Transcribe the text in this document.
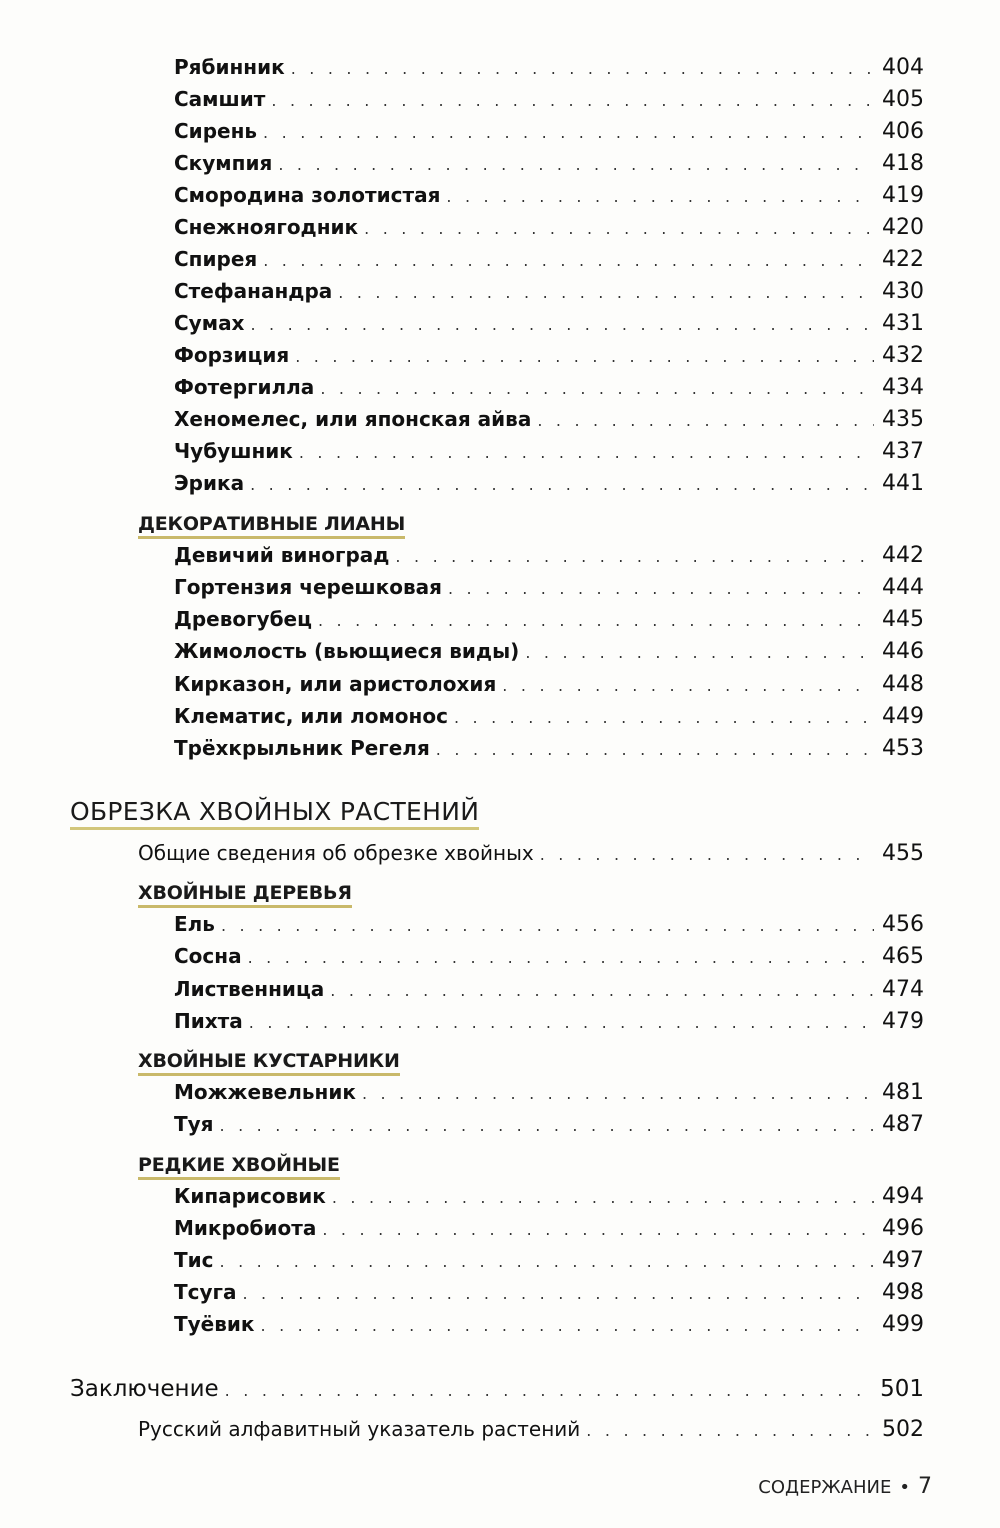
Рябинник . . .	404
Самшит . . .	405
Сирень . . .	406
Скумпия . . .	418
Смородина золотистая . . .	419
Снежноягодник . . .	420
Спирея . . .	422
Стефанандра . . .	430
Сумах . . .	431
Форзиция . . .	432
Фотергилла . . .	434
Хеномелес, или японская айва . . .	435
Чубушник . . .	437
Эрика . . .	441
ДЕКОРАТИВНЫЕ ЛИАНЫ
Девичий виноград . . .	442
Гортензия черешковая . . .	444
Древогубец . . .	445
Жимолость (вьющиеся виды) . . .	446
Кирказон, или аристолохия . . .	448
Клематис, или ломонос . . .	449
Трёхкрыльник Регеля . . .	453
ОБРЕЗКА ХВОЙНЫХ РАСТЕНИЙ
Общие сведения об обрезке хвойных . . .	455
ХВОЙНЫЕ ДЕРЕВЬЯ
Ель . . .	456
Сосна . . .	465
Лиственница . . .	474
Пихта . . .	479
ХВОЙНЫЕ КУСТАРНИКИ
Можжевельник . . .	481
Туя . . .	487
РЕДКИЕ ХВОЙНЫЕ
Кипарисовик . . .	494
Микробиота . . .	496
Тис . . .	497
Тсуга . . .	498
Туёвик . . .	499
Заключение . . .	501
Русский алфавитный указатель растений . . .	502
СОДЕРЖАНИЕ • 7
